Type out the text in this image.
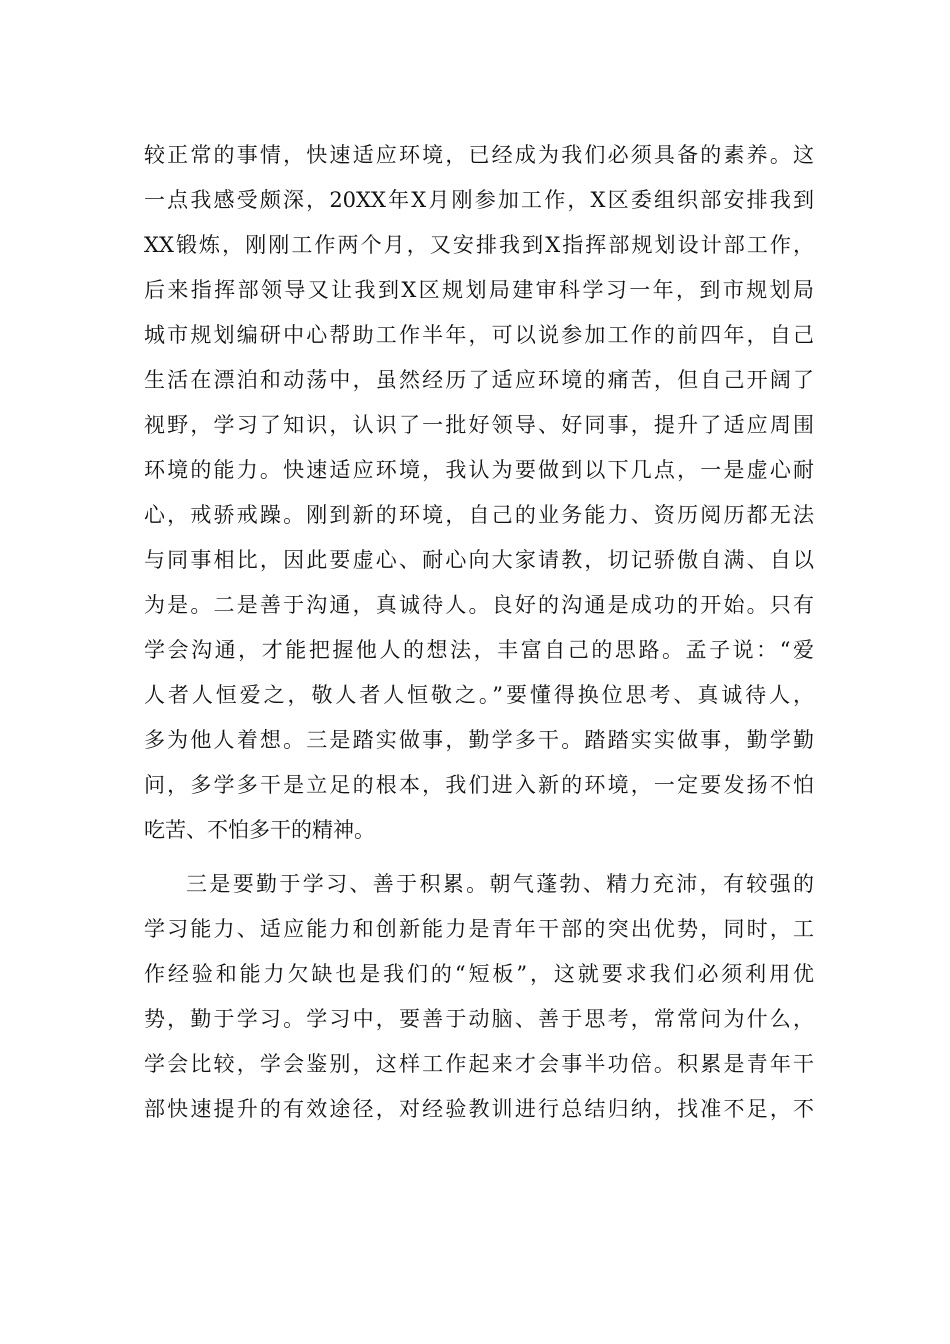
较正常的事情，快速适应环境，已经成为我们必须具备的素养。这
一点我感受颇深，20XX年X月刚参加工作，X区委组织部安排我到
XX锻炼，刚刚工作两个月，又安排我到X指挥部规划设计部工作，
后来指挥部领导又让我到X区规划局建审科学习一年，到市规划局
城市规划编研中心帮助工作半年，可以说参加工作的前四年，自己
生活在漂泊和动荡中，虽然经历了适应环境的痛苦，但自己开阔了
视野，学习了知识，认识了一批好领导、好同事，提升了适应周围
环境的能力。快速适应环境，我认为要做到以下几点，一是虚心耐
心，戒骄戒躁。刚到新的环境，自己的业务能力、资历阅历都无法
与同事相比，因此要虚心、耐心向大家请教，切记骄傲自满、自以
为是。二是善于沟通，真诚待人。良好的沟通是成功的开始。只有
学会沟通，才能把握他人的想法，丰富自己的思路。孟子说：“爱
人者人恒爱之，敬人者人恒敬之。”要懂得换位思考、真诚待人，
多为他人着想。三是踏实做事，勤学多干。踏踏实实做事，勤学勤
问，多学多干是立足的根本，我们进入新的环境，一定要发扬不怕
吃苦、不怕多干的精神。
三是要勤于学习、善于积累。朝气蓬勃、精力充沛，有较强的
学习能力、适应能力和创新能力是青年干部的突出优势，同时，工
作经验和能力欠缺也是我们的“短板”，这就要求我们必须利用优
势，勤于学习。学习中，要善于动脑、善于思考，常常问为什么，
学会比较，学会鉴别，这样工作起来才会事半功倍。积累是青年干
部快速提升的有效途径，对经验教训进行总结归纳，找准不足，不
